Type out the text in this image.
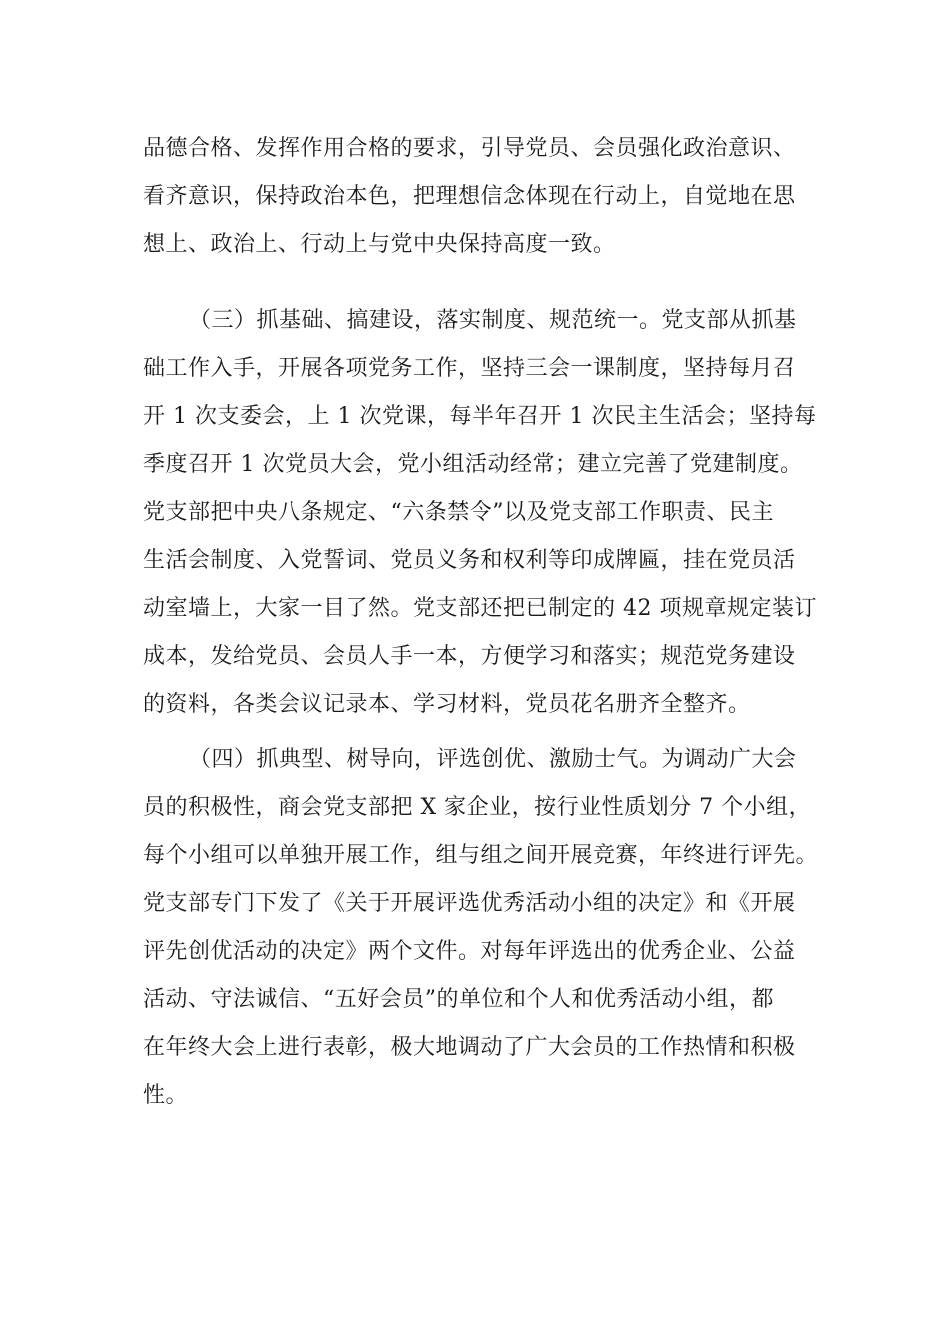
品德合格、发挥作用合格的要求，引导党员、会员强化政治意识、
看齐意识，保持政治本色，把理想信念体现在行动上，自觉地在思
想上、政治上、行动上与党中央保持高度一致。
（三）抓基础、搞建设，落实制度、规范统一。党支部从抓基
础工作入手，开展各项党务工作，坚持三会一课制度，坚持每月召
开 1 次支委会，上 1 次党课，每半年召开 1 次民主生活会；坚持每
季度召开 1 次党员大会，党小组活动经常；建立完善了党建制度。
党支部把中央八条规定、“六条禁令”以及党支部工作职责、民主
生活会制度、入党誓词、党员义务和权利等印成牌匾，挂在党员活
动室墙上，大家一目了然。党支部还把已制定的 42 项规章规定装订
成本，发给党员、会员人手一本，方便学习和落实；规范党务建设
的资料，各类会议记录本、学习材料，党员花名册齐全整齐。
（四）抓典型、树导向，评选创优、激励士气。为调动广大会
员的积极性，商会党支部把 X 家企业，按行业性质划分 7 个小组，
每个小组可以单独开展工作，组与组之间开展竞赛，年终进行评先。
党支部专门下发了《关于开展评选优秀活动小组的决定》和《开展
评先创优活动的决定》两个文件。对每年评选出的优秀企业、公益
活动、守法诚信、“五好会员”的单位和个人和优秀活动小组，都
在年终大会上进行表彰，极大地调动了广大会员的工作热情和积极
性。
